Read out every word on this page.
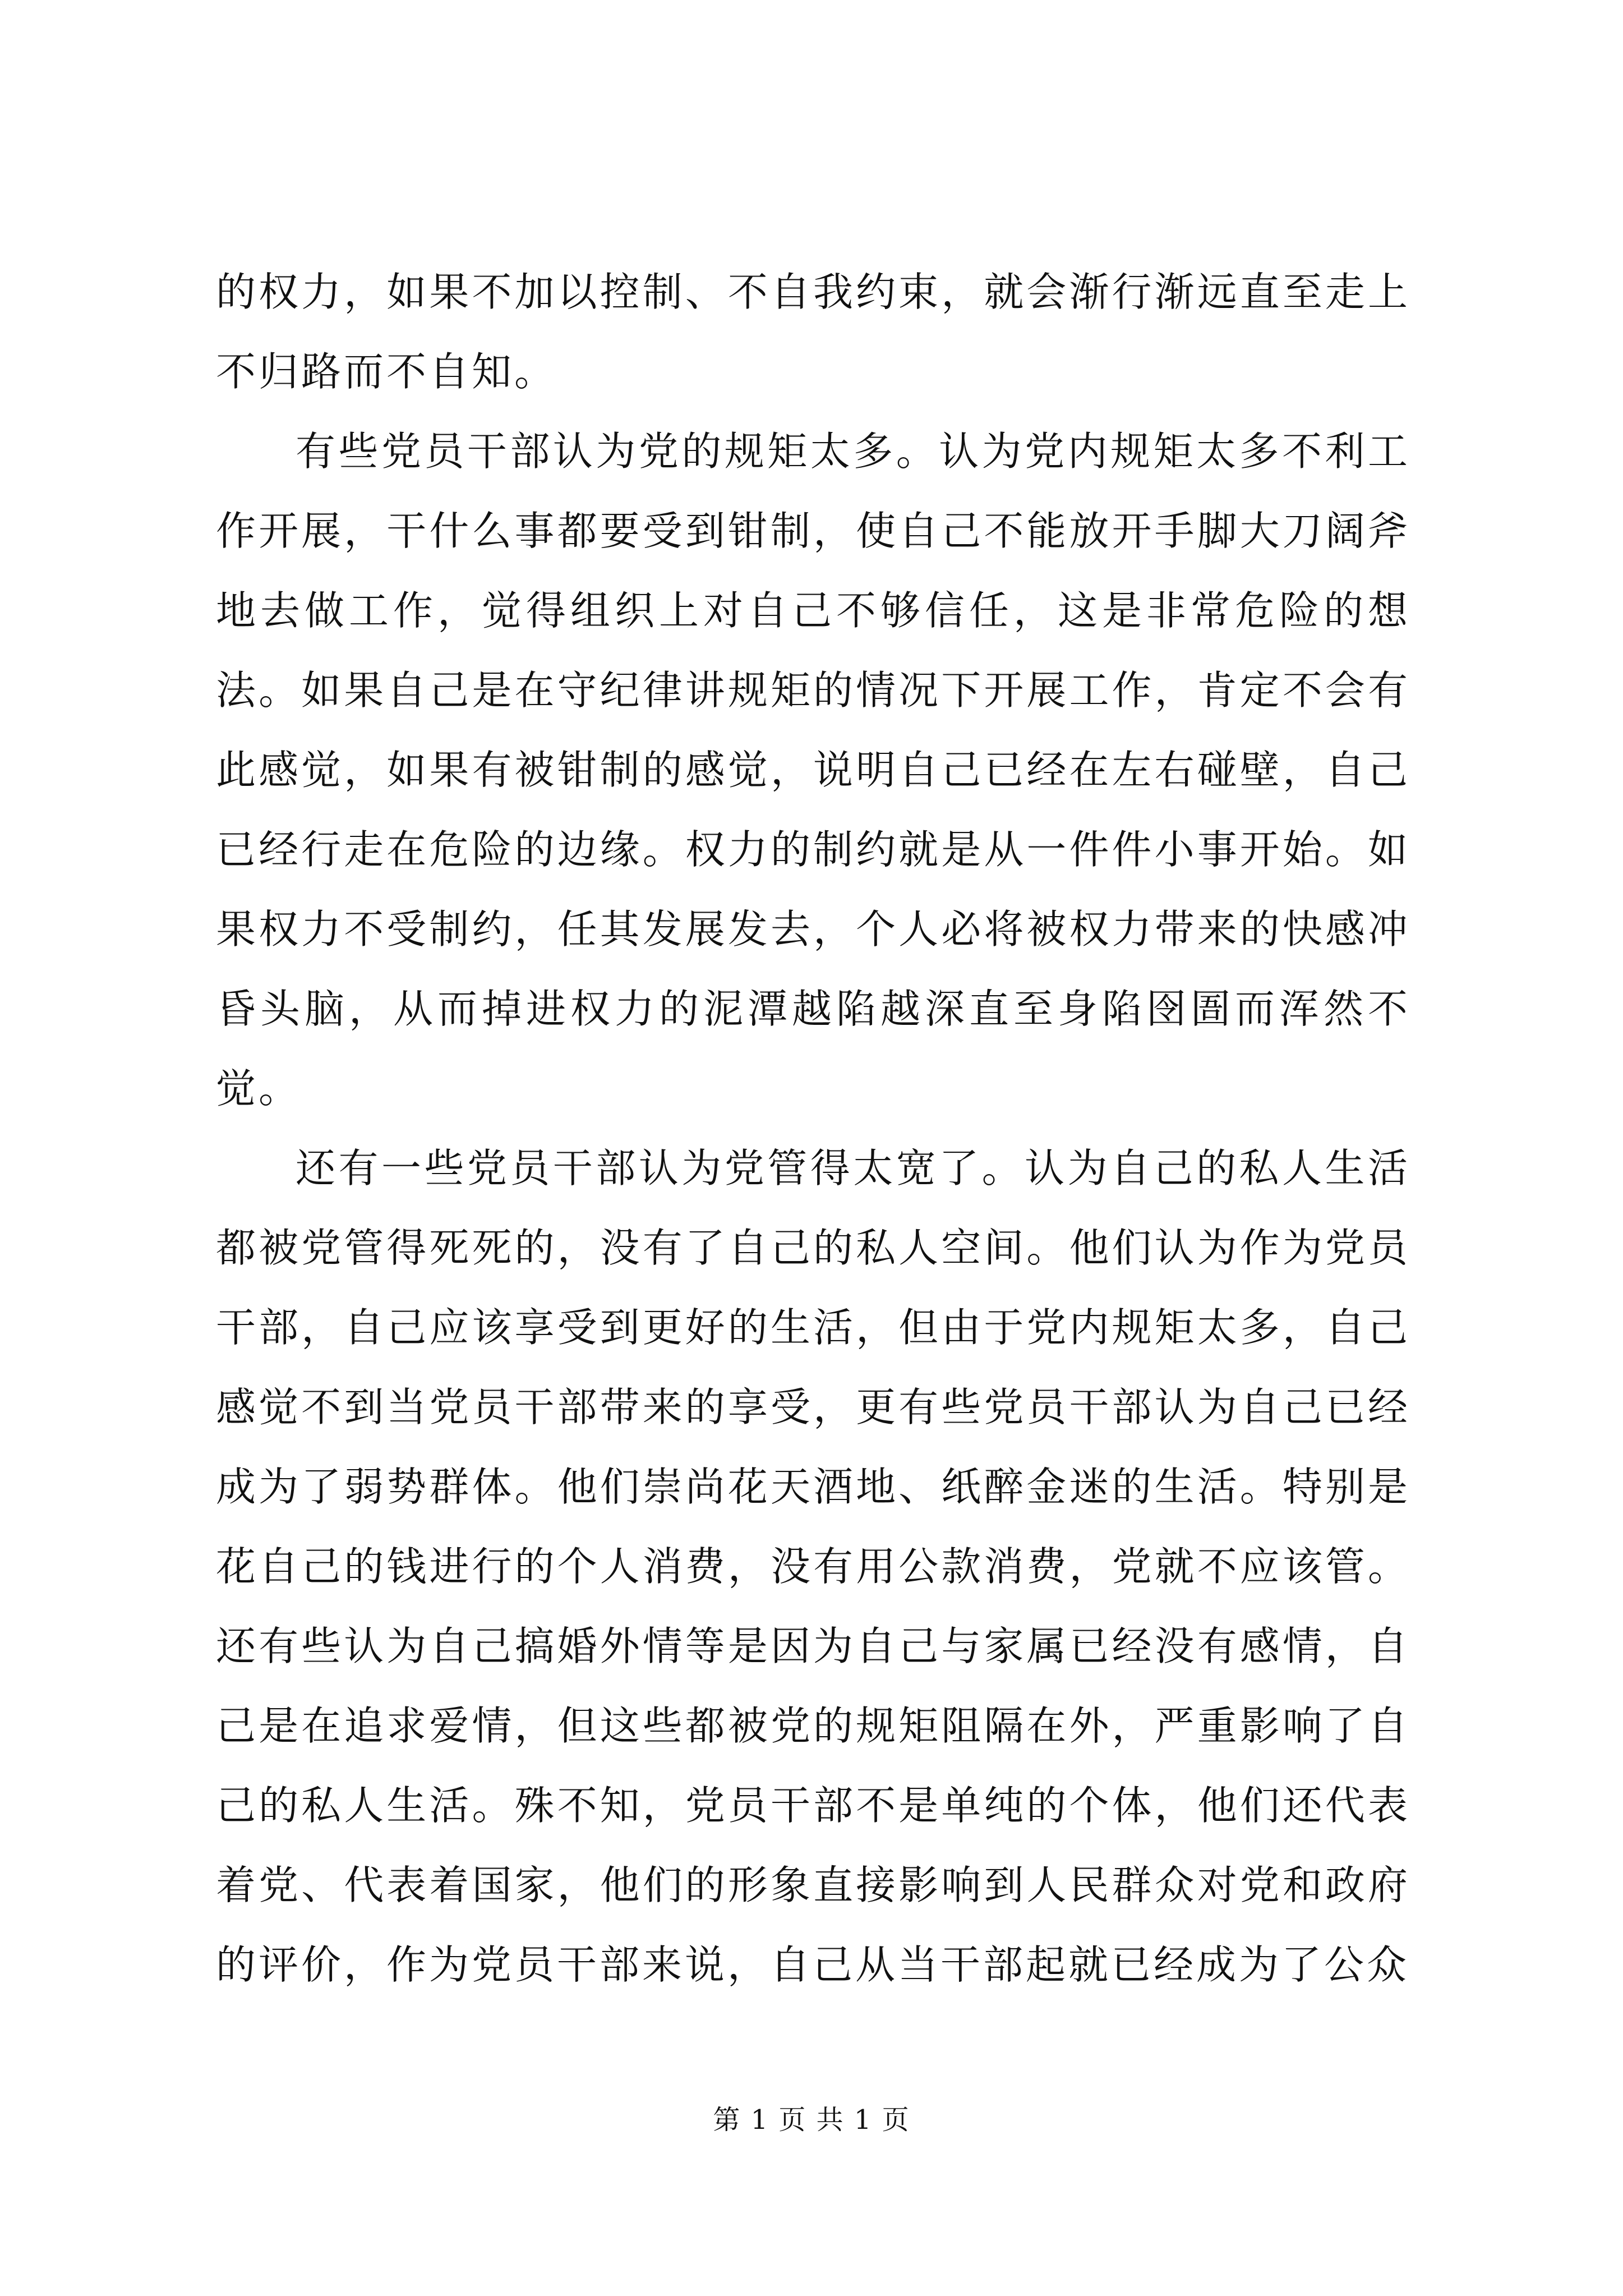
的权力，如果不加以控制、不自我约束，就会渐行渐远直至走上不归路而不自知。

有些党员干部认为党的规矩太多。认为党内规矩太多不利工作开展，干什么事都要受到钳制，使自己不能放开手脚大刀阔斧地去做工作，觉得组织上对自己不够信任，这是非常危险的想法。如果自己是在守纪律讲规矩的情况下开展工作，肯定不会有此感觉，如果有被钳制的感觉，说明自己已经在左右碰壁，自己已经行走在危险的边缘。权力的制约就是从一件件小事开始。如果权力不受制约，任其发展发去，个人必将被权力带来的快感冲昏头脑，从而掉进权力的泥潭越陷越深直至身陷囹圄而浑然不觉。

还有一些党员干部认为党管得太宽了。认为自己的私人生活都被党管得死死的，没有了自己的私人空间。他们认为作为党员干部，自己应该享受到更好的生活，但由于党内规矩太多，自己感觉不到当党员干部带来的享受，更有些党员干部认为自己已经成为了弱势群体。他们崇尚花天酒地、纸醉金迷的生活。特别是花自己的钱进行的个人消费，没有用公款消费，党就不应该管。还有些认为自己搞婚外情等是因为自己与家属已经没有感情，自己是在追求爱情，但这些都被党的规矩阻隔在外，严重影响了自己的私人生活。殊不知，党员干部不是单纯的个体，他们还代表着党、代表着国家，他们的形象直接影响到人民群众对党和政府的评价，作为党员干部来说，自己从当干部起就已经成为了公众

第 1 页 共 1 页
